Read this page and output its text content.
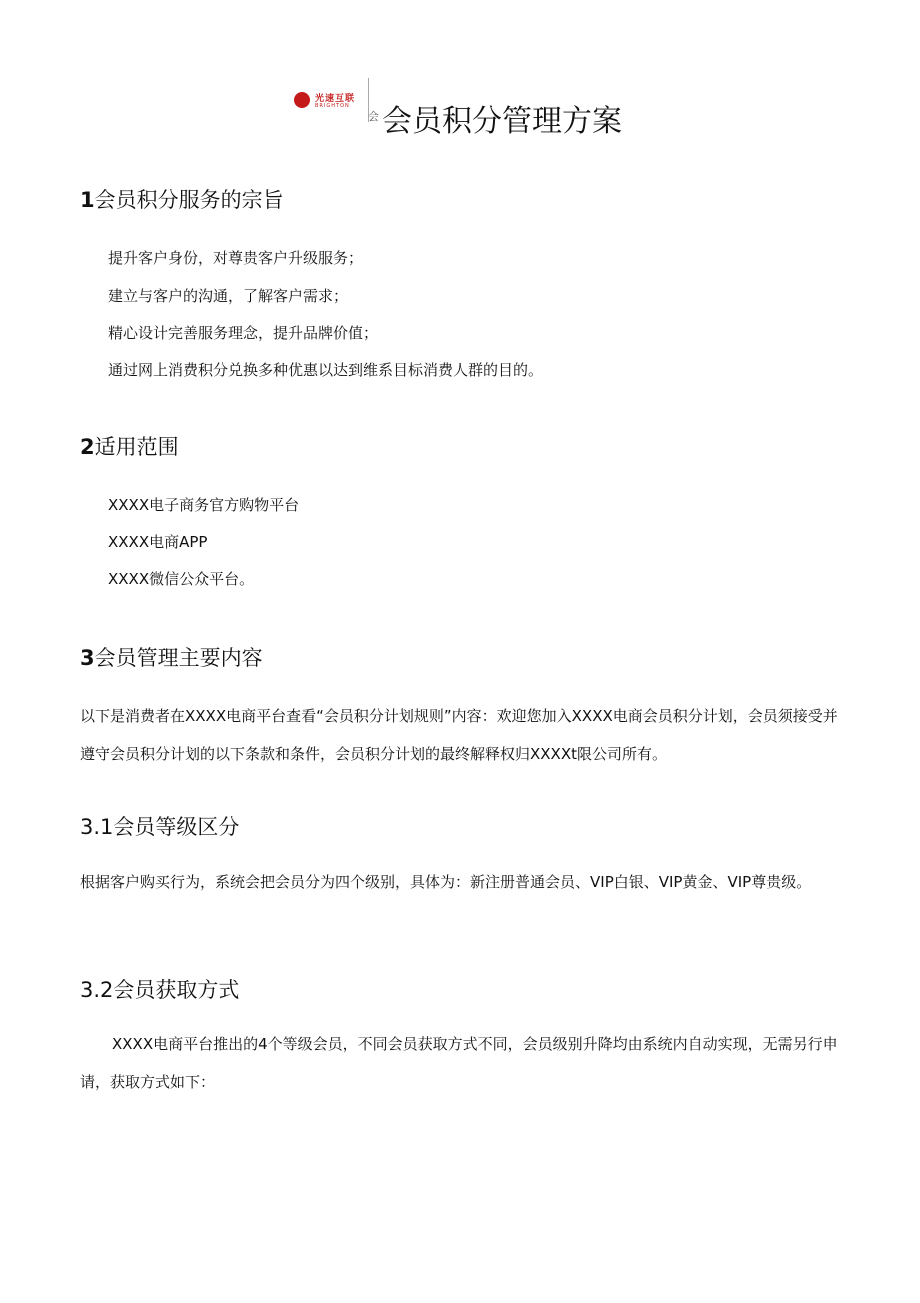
光速互联
BRIGHTON
会 会员积分管理方案
1会员积分服务的宗旨
提升客户身份，对尊贵客户升级服务；
建立与客户的沟通，了解客户需求；
精心设计完善服务理念，提升品牌价值；
通过网上消费积分兑换多种优惠以达到维系目标消费人群的目的。
2适用范围
XXXX电子商务官方购物平台
XXXX电商APP
XXXX微信公众平台。
3会员管理主要内容
以下是消费者在XXXX电商平台查看“会员积分计划规则”内容：欢迎您加入XXXX电商会员积分计划，会员须接受并遵守会员积分计划的以下条款和条件，会员积分计划的最终解释权归XXXXt限公司所有。
3.1会员等级区分
根据客户购买行为，系统会把会员分为四个级别，具体为：新注册普通会员、VIP白银、VIP黄金、VIP尊贵级。
3.2会员获取方式
XXXX电商平台推出的4个等级会员，不同会员获取方式不同，会员级别升降均由系统内自动实现，无需另行申请，获取方式如下：
